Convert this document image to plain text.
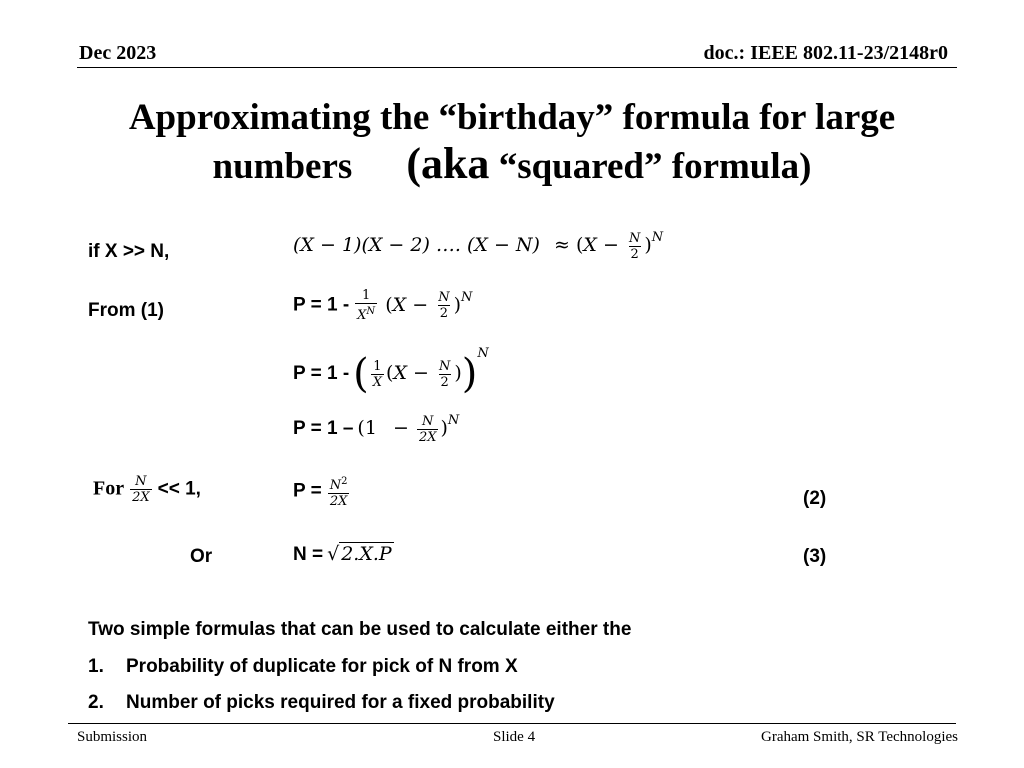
Dec 2023	doc.: IEEE 802.11-23/2148r0
Approximating the “birthday” formula for large
numbers (aka “squared” formula)
if X >> N,	(X − 1)(X − 2) …. $(X - N) \approx (X - \frac{N}{2} )^N$
From (1)	$P = 1 - \frac{1}{X^N} (X - \frac{N}{2} )^N$
P = 1 - ( $\frac{1}{X} (X - \frac{N}{2} ))^N$
$P = 1 - (1 - \frac{N}{2X} )^N$
For $\frac{N}{2X} << 1$,	$P = \frac{N^2}{2X}$	(2)
Or	N = √ 2.X.P	(3)
Two simple formulas that can be used to calculate either the
1. Probability of duplicate for pick of N from X
2. Number of picks required for a fixed probability
Submission	Slide 4	Graham Smith, SR Technologies
